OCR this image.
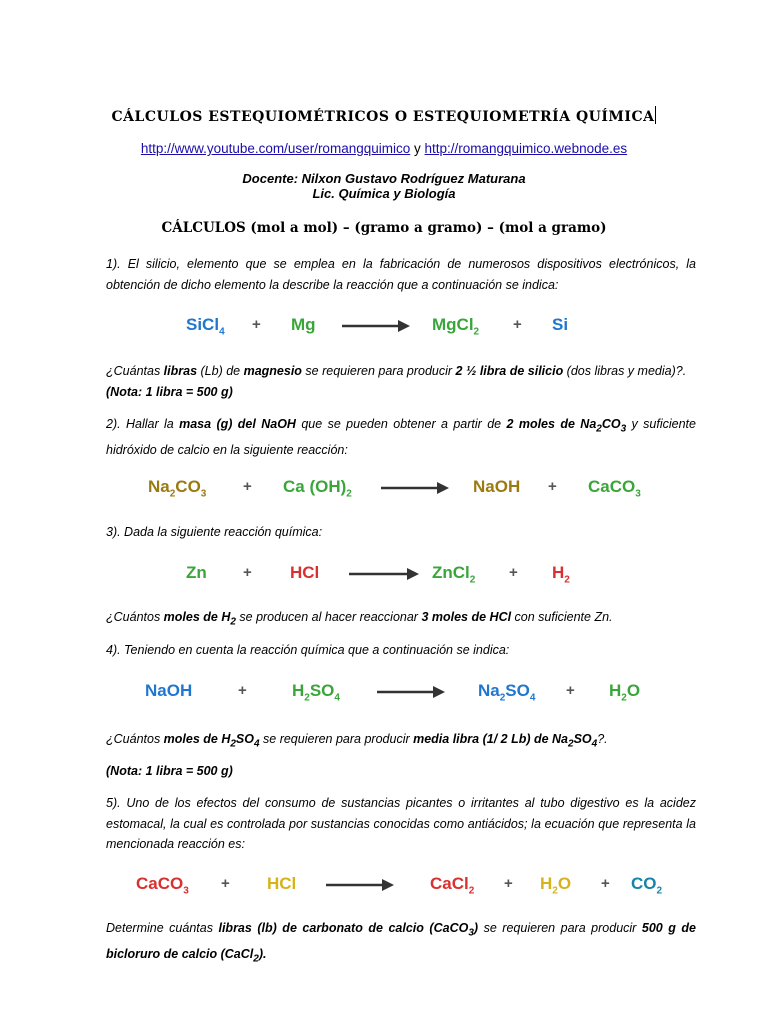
CÁLCULOS ESTEQUIOMÉTRICOS O ESTEQUIOMETRÍA QUÍMICA
http://www.youtube.com/user/romangquimico y http://romangquimico.webnode.es
Docente: Nilxon Gustavo Rodríguez Maturana
Lic. Química y Biología
CÁLCULOS (mol a mol) – (gramo a gramo) – (mol a gramo)
1). El silicio, elemento que se emplea en la fabricación de numerosos dispositivos electrónicos, la obtención de dicho elemento la describe la reacción que a continuación se indica:
SiCl$_4$ + Mg	MgCl$_2$ + Si
¿Cuántas libras (Lb) de magnesio se requieren para producir 2 ½ libra de silicio (dos libras y media)?.
(Nota: 1 libra = 500 g)
2). Hallar la masa (g) del NaOH que se pueden obtener a partir de 2 moles de $Na_2CO_3$ y suficiente hidróxido de calcio en la siguiente reacción:
$Na_2CO_3 + Ca$ $(OH)_2$	NaOH + CaCO$_3$
3). Dada la siguiente reacción química:
Zn + HCl	ZnCl$_2$ + $H_2$
¿Cuántos moles de $H_2$ se producen al hacer reaccionar 3 moles de HCl con suficiente Zn.
4). Teniendo en cuenta la reacción química que a continuación se indica:
NaOH	+	$H_2SO_4$	$Na_2SO_4 + H_2O$
¿Cuántos moles de $H_2SO_4$ se requieren para producir media libra (1/ 2 Lb) de $Na_2SO_4$?.
(Nota: 1 libra = 500 g)
5). Uno de los efectos del consumo de sustancias picantes o irritantes al tubo digestivo es la acidez estomacal, la cual es controlada por sustancias conocidas como antiácidos; la ecuación que representa la mencionada reacción es:
CaCO$_3$ + HCl	CaCl$_2$ + $H_2O + CO_2$
Determine cuántas libras (lb) de carbonato de calcio (CaCO$_3$) se requieren para producir 500 g de bicloruro de calcio (CaCl$_2$).
